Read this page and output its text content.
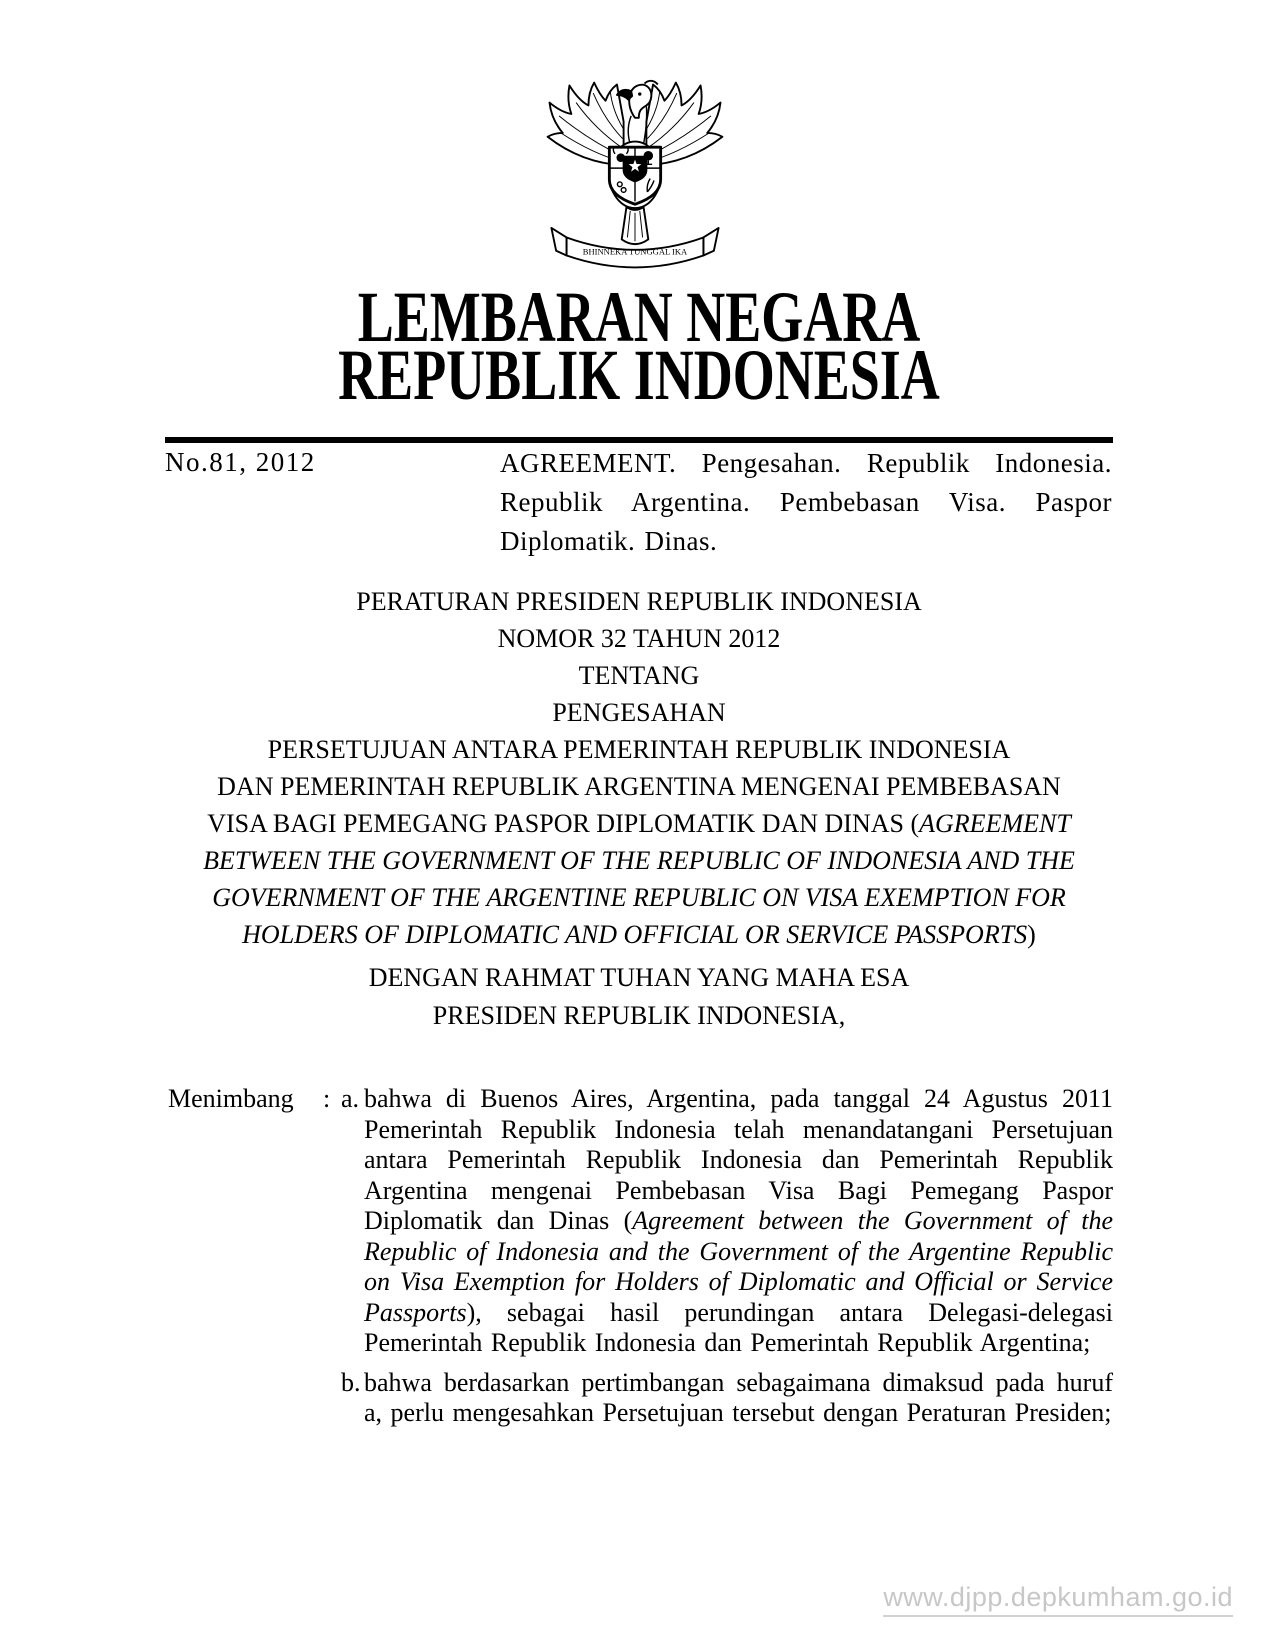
BHINNEKA TUNGGAL IKA
LEMBARAN NEGARA
REPUBLIK INDONESIA
No.81, 2012	AGREEMENT. Pengesahan. Republik Indonesia. Republik Argentina. Pembebasan Visa. Paspor Diplomatik. Dinas.
PERATURAN PRESIDEN REPUBLIK INDONESIA
NOMOR 32 TAHUN 2012
TENTANG
PENGESAHAN
PERSETUJUAN ANTARA PEMERINTAH REPUBLIK INDONESIA
DAN PEMERINTAH REPUBLIK ARGENTINA MENGENAI PEMBEBASAN
VISA BAGI PEMEGANG PASPOR DIPLOMATIK DAN DINAS (AGREEMENT
BETWEEN THE GOVERNMENT OF THE REPUBLIC OF INDONESIA AND THE
GOVERNMENT OF THE ARGENTINE REPUBLIC ON VISA EXEMPTION FOR
HOLDERS OF DIPLOMATIC AND OFFICIAL OR SERVICE PASSPORTS)
DENGAN RAHMAT TUHAN YANG MAHA ESA
PRESIDEN REPUBLIK INDONESIA,
Menimbang	: a. bahwa di Buenos Aires, Argentina, pada tanggal 24 Agustus 2011 Pemerintah Republik Indonesia telah menandatangani Persetujuan antara Pemerintah Republik Indonesia dan Pemerintah Republik Argentina mengenai Pembebasan Visa Bagi Pemegang Paspor Diplomatik dan Dinas (Agreement between the Government of the Republic of Indonesia and the Government of the Argentine Republic on Visa Exemption for Holders of Diplomatic and Official or Service Passports), sebagai hasil perundingan antara Delegasi-delegasi Pemerintah Republik Indonesia dan Pemerintah Republik Argentina;
b. bahwa berdasarkan pertimbangan sebagaimana dimaksud pada huruf a, perlu mengesahkan Persetujuan tersebut dengan Peraturan Presiden;
www.djpp.depkumham.go.id
